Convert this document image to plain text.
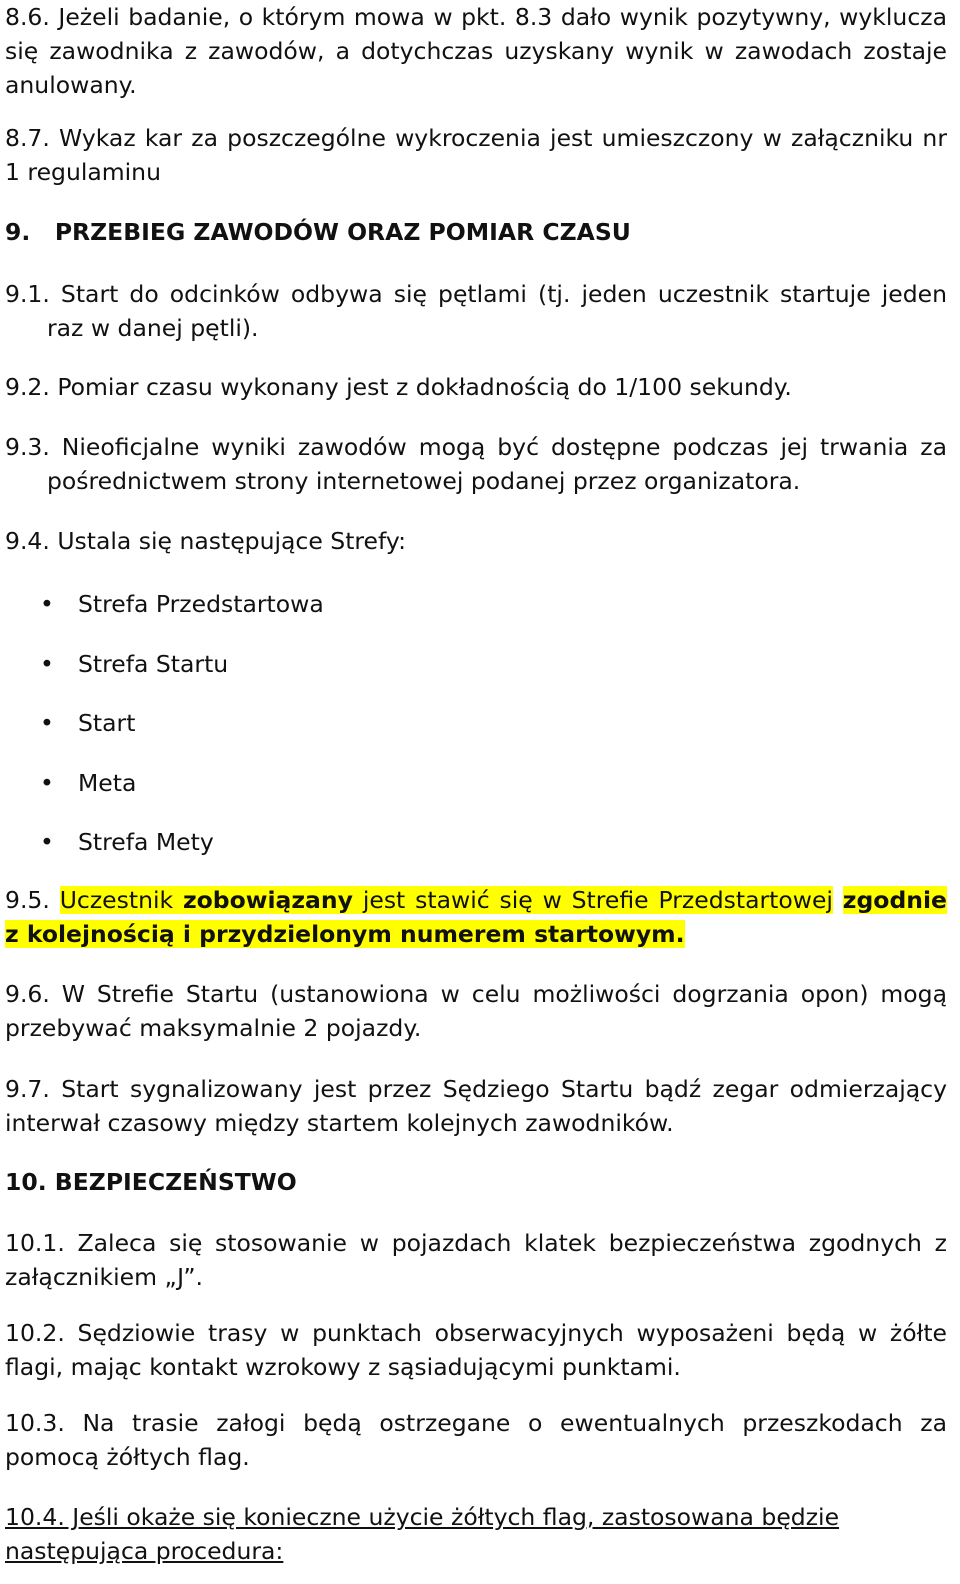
8.6. Jeżeli badanie, o którym mowa w pkt. 8.3 dało wynik pozytywny, wyklucza się zawodnika z zawodów, a dotychczas uzyskany wynik w zawodach zostaje anulowany.

8.7. Wykaz kar za poszczególne wykroczenia jest umieszczony w załączniku nr 1 regulaminu

9.   PRZEBIEG ZAWODÓW ORAZ POMIAR CZASU

9.1. Start do odcinków odbywa się pętlami (tj. jeden uczestnik startuje jeden raz w danej pętli).

9.2. Pomiar czasu wykonany jest z dokładnością do 1/100 sekundy.

9.3. Nieoficjalne wyniki zawodów mogą być dostępne podczas jej trwania za pośrednictwem strony internetowej podanej przez organizatora.

9.4. Ustala się następujące Strefy:

• Strefa Przedstartowa
• Strefa Startu
• Start
• Meta
• Strefa Mety

9.5. Uczestnik zobowiązany jest stawić się w Strefie Przedstartowej zgodnie z kolejnością i przydzielonym numerem startowym.

9.6. W Strefie Startu (ustanowiona w celu możliwości dogrzania opon) mogą przebywać maksymalnie 2 pojazdy.

9.7. Start sygnalizowany jest przez Sędziego Startu bądź zegar odmierzający interwał czasowy między startem kolejnych zawodników.

10. BEZPIECZEŃSTWO

10.1. Zaleca się stosowanie w pojazdach klatek bezpieczeństwa zgodnych z załącznikiem „J”.

10.2. Sędziowie trasy w punktach obserwacyjnych wyposażeni będą w żółte flagi, mając kontakt wzrokowy z sąsiadującymi punktami.

10.3. Na trasie załogi będą ostrzegane o ewentualnych przeszkodach za pomocą żółtych flag.

10.4. Jeśli okaże się konieczne użycie żółtych flag, zastosowana będzie następująca procedura:
